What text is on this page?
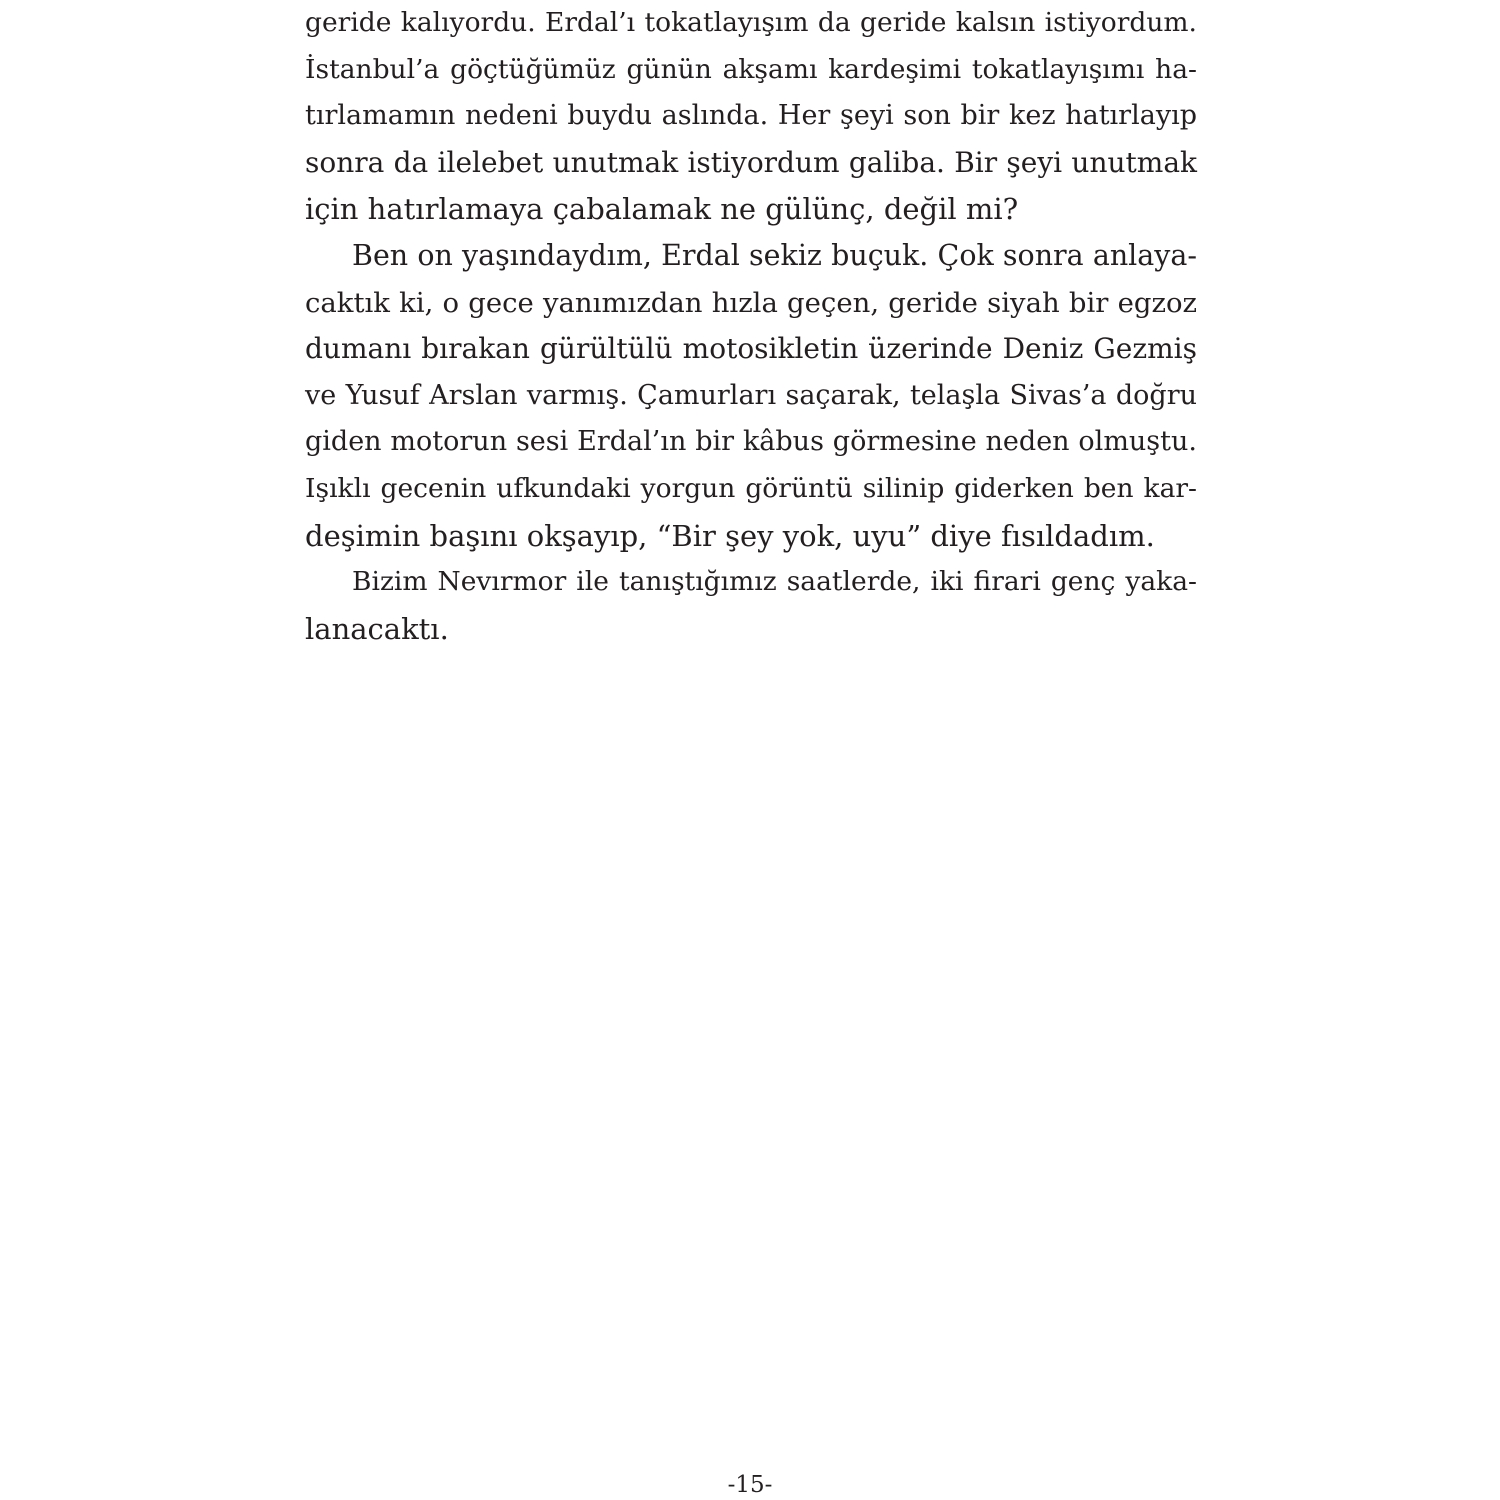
geride kalıyordu. Erdal’ı tokatlayışım da geride kalsın istiyordum.
İstanbul’a göçtüğümüz günün akşamı kardeşimi tokatlayışımı ha-
tırlamamın nedeni buydu aslında. Her şeyi son bir kez hatırlayıp
sonra da ilelebet unutmak istiyordum galiba. Bir şeyi unutmak
için hatırlamaya çabalamak ne gülünç, değil mi?
Ben on yaşındaydım, Erdal sekiz buçuk. Çok sonra anlaya-
caktık ki, o gece yanımızdan hızla geçen, geride siyah bir egzoz
dumanı bırakan gürültülü motosikletin üzerinde Deniz Gezmiş
ve Yusuf Arslan varmış. Çamurları saçarak, telaşla Sivas’a doğru
giden motorun sesi Erdal’ın bir kâbus görmesine neden olmuştu.
Işıklı gecenin ufkundaki yorgun görüntü silinip giderken ben kar-
deşimin başını okşayıp, “Bir şey yok, uyu” diye fısıldadım.
Bizim Nevırmor ile tanıştığımız saatlerde, iki firari genç yaka-
lanacaktı.
-15-
